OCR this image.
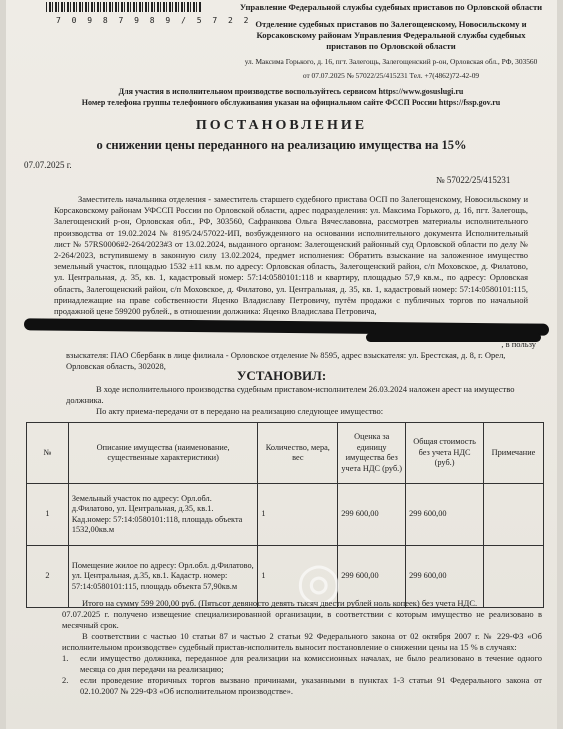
7 0 9 8 7 9 8 9 / 5 7 2 2
Управление Федеральной службы судебных приставов по Орловской области
Отделение судебных приставов по Залегощенскому, Новосильскому и Корсаковскому районам Управления Федеральной службы судебных приставов по Орловской области
ул. Максима Горького, д. 16, пгт. Залегощь, Залегощенский р-он, Орловская обл., РФ, 303560
от 07.07.2025 № 57022/25/415231 Тел. +7(4862)72-42-09
Для участия в исполнительном производстве воспользуйтесь сервисом https://www.gosuslugi.ru
Номер телефона группы телефонного обслуживания указан на официальном сайте ФССП России https://fssp.gov.ru
ПОСТАНОВЛЕНИЕ
о снижении цены переданного на реализацию имущества на 15%
07.07.2025 г.
№ 57022/25/415231
Заместитель начальника отделения - заместитель старшего судебного пристава ОСП по Залегощенскому, Новосильскому и Корсаковскому районам УФССП России по Орловской области, адрес подразделения: ул. Максима Горького, д. 16, пгт. Залегощь, Залегощенский р-он, Орловская обл., РФ, 303560, Сафранкова Ольга Вячеславовна, рассмотрев материалы исполнительного производства от 19.02.2024 № 8195/24/57022-ИП, возбужденного на основании исполнительного документа Исполнительный лист № 57RS0006#2-264/2023#3 от 13.02.2024, выданного органом: Залегощенский районный суд Орловской области по делу № 2-264/2023, вступившему в законную силу 13.02.2024, предмет исполнения: Обратить взыскание на заложенное имущество земельный участок, площадью 1532 ±11 кв.м. по адресу: Орловская область, Залегощенский район, с/п Моховское, д. Филатово, ул. Центральная, д. 35, кв. 1, кадастровый номер: 57:14:0580101:118 и квартиру, площадью 57,9 кв.м., по адресу: Орловская область, Залегощенский район, с/п Моховское, д. Филатово, ул. Центральная, д. 35, кв. 1, кадастровый номер: 57:14:0580101:115, принадлежащие на праве собственности Яценко Владиславу Петровичу, путём продажи с публичных торгов по начальной продажной цене 599200 рублей., в отношении должника: Яценко Владислава Петровича,
, в пользу
взыскателя: ПАО Сбербанк в лице филиала - Орловское отделение № 8595, адрес взыскателя: ул. Брестская, д. 8, г. Орел, Орловская область, 302028,
УСТАНОВИЛ:
В ходе исполнительного производства судебным приставом-исполнителем 26.03.2024 наложен арест на имущество должника.
По акту приема-передачи от в передано на реализацию следующее имущество:
№	Описание имущества (наименование, существенные характеристики)	Количество, мера, вес	Оценка за единицу имущества без учета НДС (руб.)	Общая стоимость без учета НДС (руб.)	Примечание
1	Земельный участок по адресу: Орл.обл. д.Филатово, ул. Центральная, д.35, кв.1. Кад.номер: 57:14:0580101:118, площадь объекта 1532,00кв.м	1	299 600,00	299 600,00	
2	Помещение жилое по адресу: Орл.обл. д.Филатово, ул. Центральная, д.35, кв.1. Кадастр. номер: 57:14:0580101:115, площадь объекта 57,90кв.м	1	299 600,00	299 600,00	
◎
Итого на сумму 599 200,00 руб. (Пятьсот девяносто девять тысяч двести рублей ноль копеек) без учета НДС.
07.07.2025 г. получено извещение специализированной организации, в соответствии с которым имущество не реализовано в месячный срок.
В соответствии с частью 10 статьи 87 и частью 2 статьи 92 Федерального закона от 02 октября 2007 г. № 229-ФЗ «Об исполнительном производстве» судебный пристав-исполнитель выносит постановление о снижении цены на 15 % в случаях:
1.	если имущество должника, переданное для реализации на комиссионных началах, не было реализовано в течение одного месяца со дня передачи на реализацию;
2.	если проведение вторичных торгов вызвано причинами, указанными в пунктах 1-3 статьи 91 Федерального закона от 02.10.2007 № 229-ФЗ «Об исполнительном производстве».
